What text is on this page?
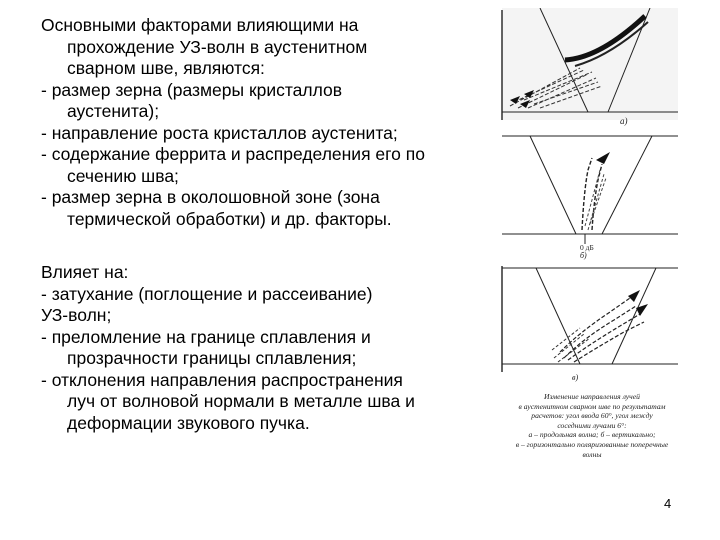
Основными факторами влияющими на
прохождение УЗ-волн в аустенитном
сварном шве, являются:
- размер зерна (размеры кристаллов
аустенита);
- направление роста кристаллов аустенита;
- содержание феррита и распределения его по
сечению шва;
- размер зерна в околошовной зоне (зона
термической обработки) и др. факторы.
Влияет на:
- затухание (поглощение и рассеивание)
УЗ-волн;
- преломление на границе сплавления и
прозрачности границы сплавления;
- отклонения направления распространения
луч от волновой нормали в металле шва и
деформации звукового пучка.
а)
0 дБ
б)
в)
Изменение направления лучей
в аустенитном сварном шве по результатам
расчетов: угол ввода 60°, угол между
соседними лучами 6°:
а – продольная волна; б – вертикально;
в – горизонтально поляризованные поперечные
волны
4
